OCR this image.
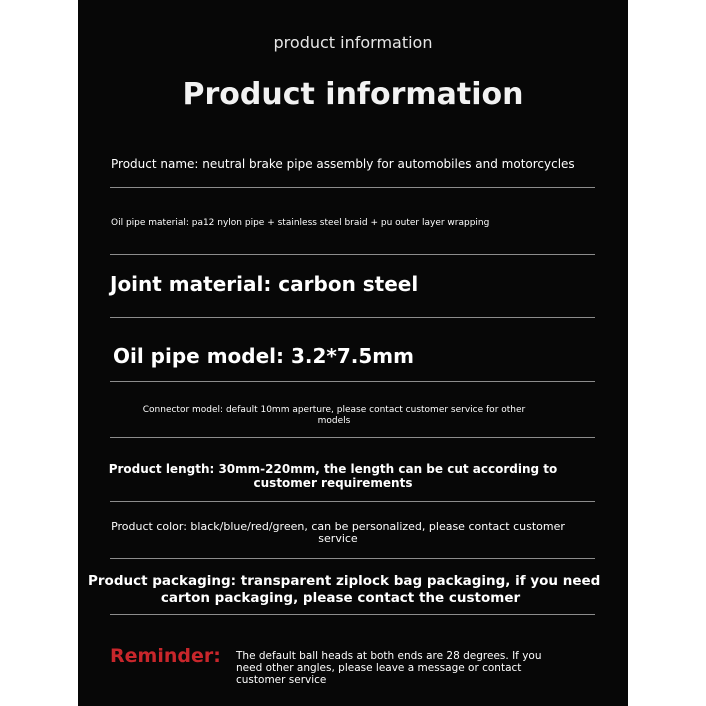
product information
Product information
Product name: neutral brake pipe assembly for automobiles and motorcycles
Oil pipe material: pa12 nylon pipe + stainless steel braid + pu outer layer wrapping
Joint material: carbon steel
Oil pipe model: 3.2*7.5mm
Connector model: default 10mm aperture, please contact customer service for other
models
Product length: 30mm-220mm, the length can be cut according to
customer requirements
Product color: black/blue/red/green, can be personalized, please contact customer
service
Product packaging: transparent ziplock bag packaging, if you need
carton packaging, please contact the customer
Reminder: The default ball heads at both ends are 28 degrees. If you
need other angles, please leave a message or contact
customer service
